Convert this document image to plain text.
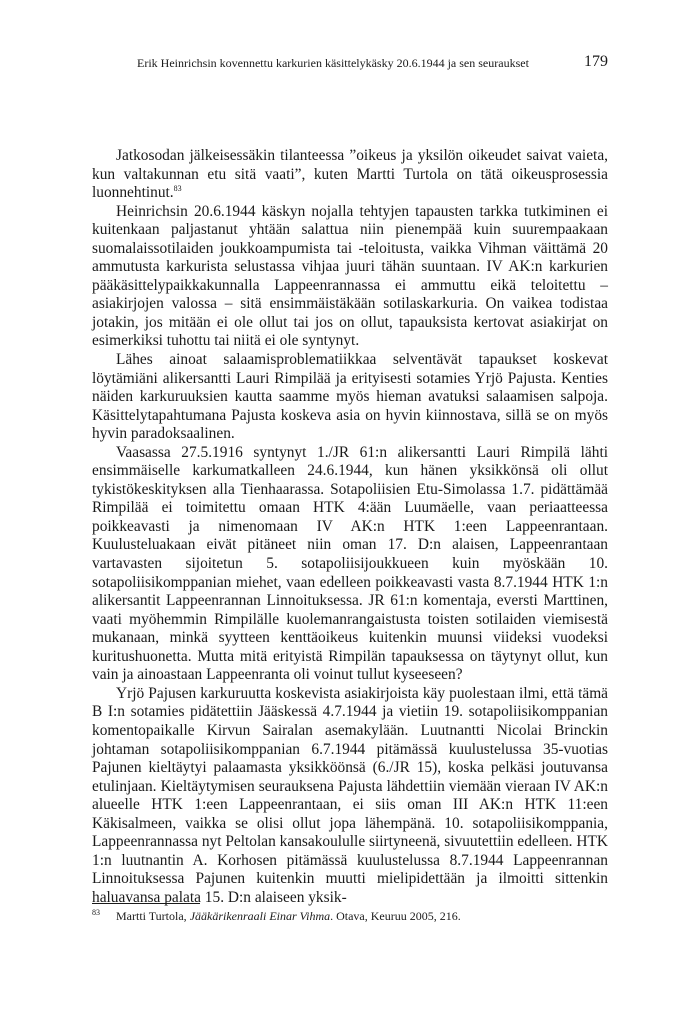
Erik Heinrichsin kovennettu karkurien käsittelykäsky 20.6.1944 ja sen seuraukset	179

Jatkosodan jälkeisessäkin tilanteessa ”oikeus ja yksilön oikeudet saivat vaieta, kun valtakunnan etu sitä vaati”, kuten Martti Turtola on tätä oikeusprosessia luonnehtinut.$^{83}$

Heinrichsin 20.6.1944 käskyn nojalla tehtyjen tapausten tarkka tutkiminen ei kuitenkaan paljastanut yhtään salattua niin pienempää kuin suurempaakaan suomalaissotilaiden joukkoampumista tai -teloitusta, vaikka Vihman väittämä 20 ammutusta karkurista selustassa vihjaa juuri tähän suuntaan. IV AK:n karkurien pääkäsittelypaikkakunnalla Lappeenrannassa ei ammuttu eikä teloitettu – asiakirjojen valossa – sitä ensimmäistäkään sotilaskarkuria. On vaikea todistaa jotakin, jos mitään ei ole ollut tai jos on ollut, tapauksista kertovat asiakirjat on esimerkiksi tuhottu tai niitä ei ole syntynyt.

Lähes ainoat salaamisproblematiikkaa selventävät tapaukset koskevat löytämiäni alikersantti Lauri Rimpilää ja erityisesti sotamies Yrjö Pajusta. Kenties näiden karkuruuksien kautta saamme myös hieman avatuksi salaamisen salpoja. Käsittelytapahtumana Pajusta koskeva asia on hyvin kiinnostava, sillä se on myös hyvin paradoksaalinen.

Vaasassa 27.5.1916 syntynyt 1./JR 61:n alikersantti Lauri Rimpilä lähti ensimmäiselle karkumatkalleen 24.6.1944, kun hänen yksikkönsä oli ollut tykistökeskityksen alla Tienhaarassa. Sotapoliisien Etu-Simolassa 1.7. pidättämää Rimpilää ei toimitettu omaan HTK 4:ään Luumäelle, vaan periaatteessa poikkeavasti ja nimenomaan IV AK:n HTK 1:een Lappeenrantaan. Kuulusteluakaan eivät pitäneet niin oman 17. D:n alaisen, Lappeenrantaan vartavasten sijoitetun 5. sotapoliisijoukkueen kuin myöskään 10. sotapoliisikomppanian miehet, vaan edelleen poikkeavasti vasta 8.7.1944 HTK 1:n alikersantit Lappeenrannan Linnoituksessa. JR 61:n komentaja, eversti Marttinen, vaati myöhemmin Rimpilälle kuolemanrangaistusta toisten sotilaiden viemisestä mukanaan, minkä syytteen kenttäoikeus kuitenkin muunsi viideksi vuodeksi kuritushuonetta. Mutta mitä erityistä Rimpilän tapauksessa on täytynyt ollut, kun vain ja ainoastaan Lappeenranta oli voinut tullut kyseeseen?

Yrjö Pajusen karkuruutta koskevista asiakirjoista käy puolestaan ilmi, että tämä B I:n sotamies pidätettiin Jääskessä 4.7.1944 ja vietiin 19. sotapoliisikomppanian komentopaikalle Kirvun Sairalan asemakylään. Luutnantti Nicolai Brinckin johtaman sotapoliisikomppanian 6.7.1944 pitämässä kuulustelussa 35-vuotias Pajunen kieltäytyi palaamasta yksikköönsä (6./JR 15), koska pelkäsi joutuvansa etulinjaan. Kieltäytymisen seurauksena Pajusta lähdettiin viemään vieraan IV AK:n alueelle HTK 1:een Lappeenrantaan, ei siis oman III AK:n HTK 11:een Käkisalmeen, vaikka se olisi ollut jopa lähempänä. 10. sotapoliisikomppania, Lappeenrannassa nyt Peltolan kansakoululle siirtyneenä, sivuutettiin edelleen. HTK 1:n luutnantin A. Korhosen pitämässä kuulustelussa 8.7.1944 Lappeenrannan Linnoituksessa Pajunen kuitenkin muutti mielipidettään ja ilmoitti sittenkin haluavansa palata 15. D:n alaiseen yksik-

83 Martti Turtola, Jääkärikenraali Einar Vihma. Otava, Keuruu 2005, 216.
